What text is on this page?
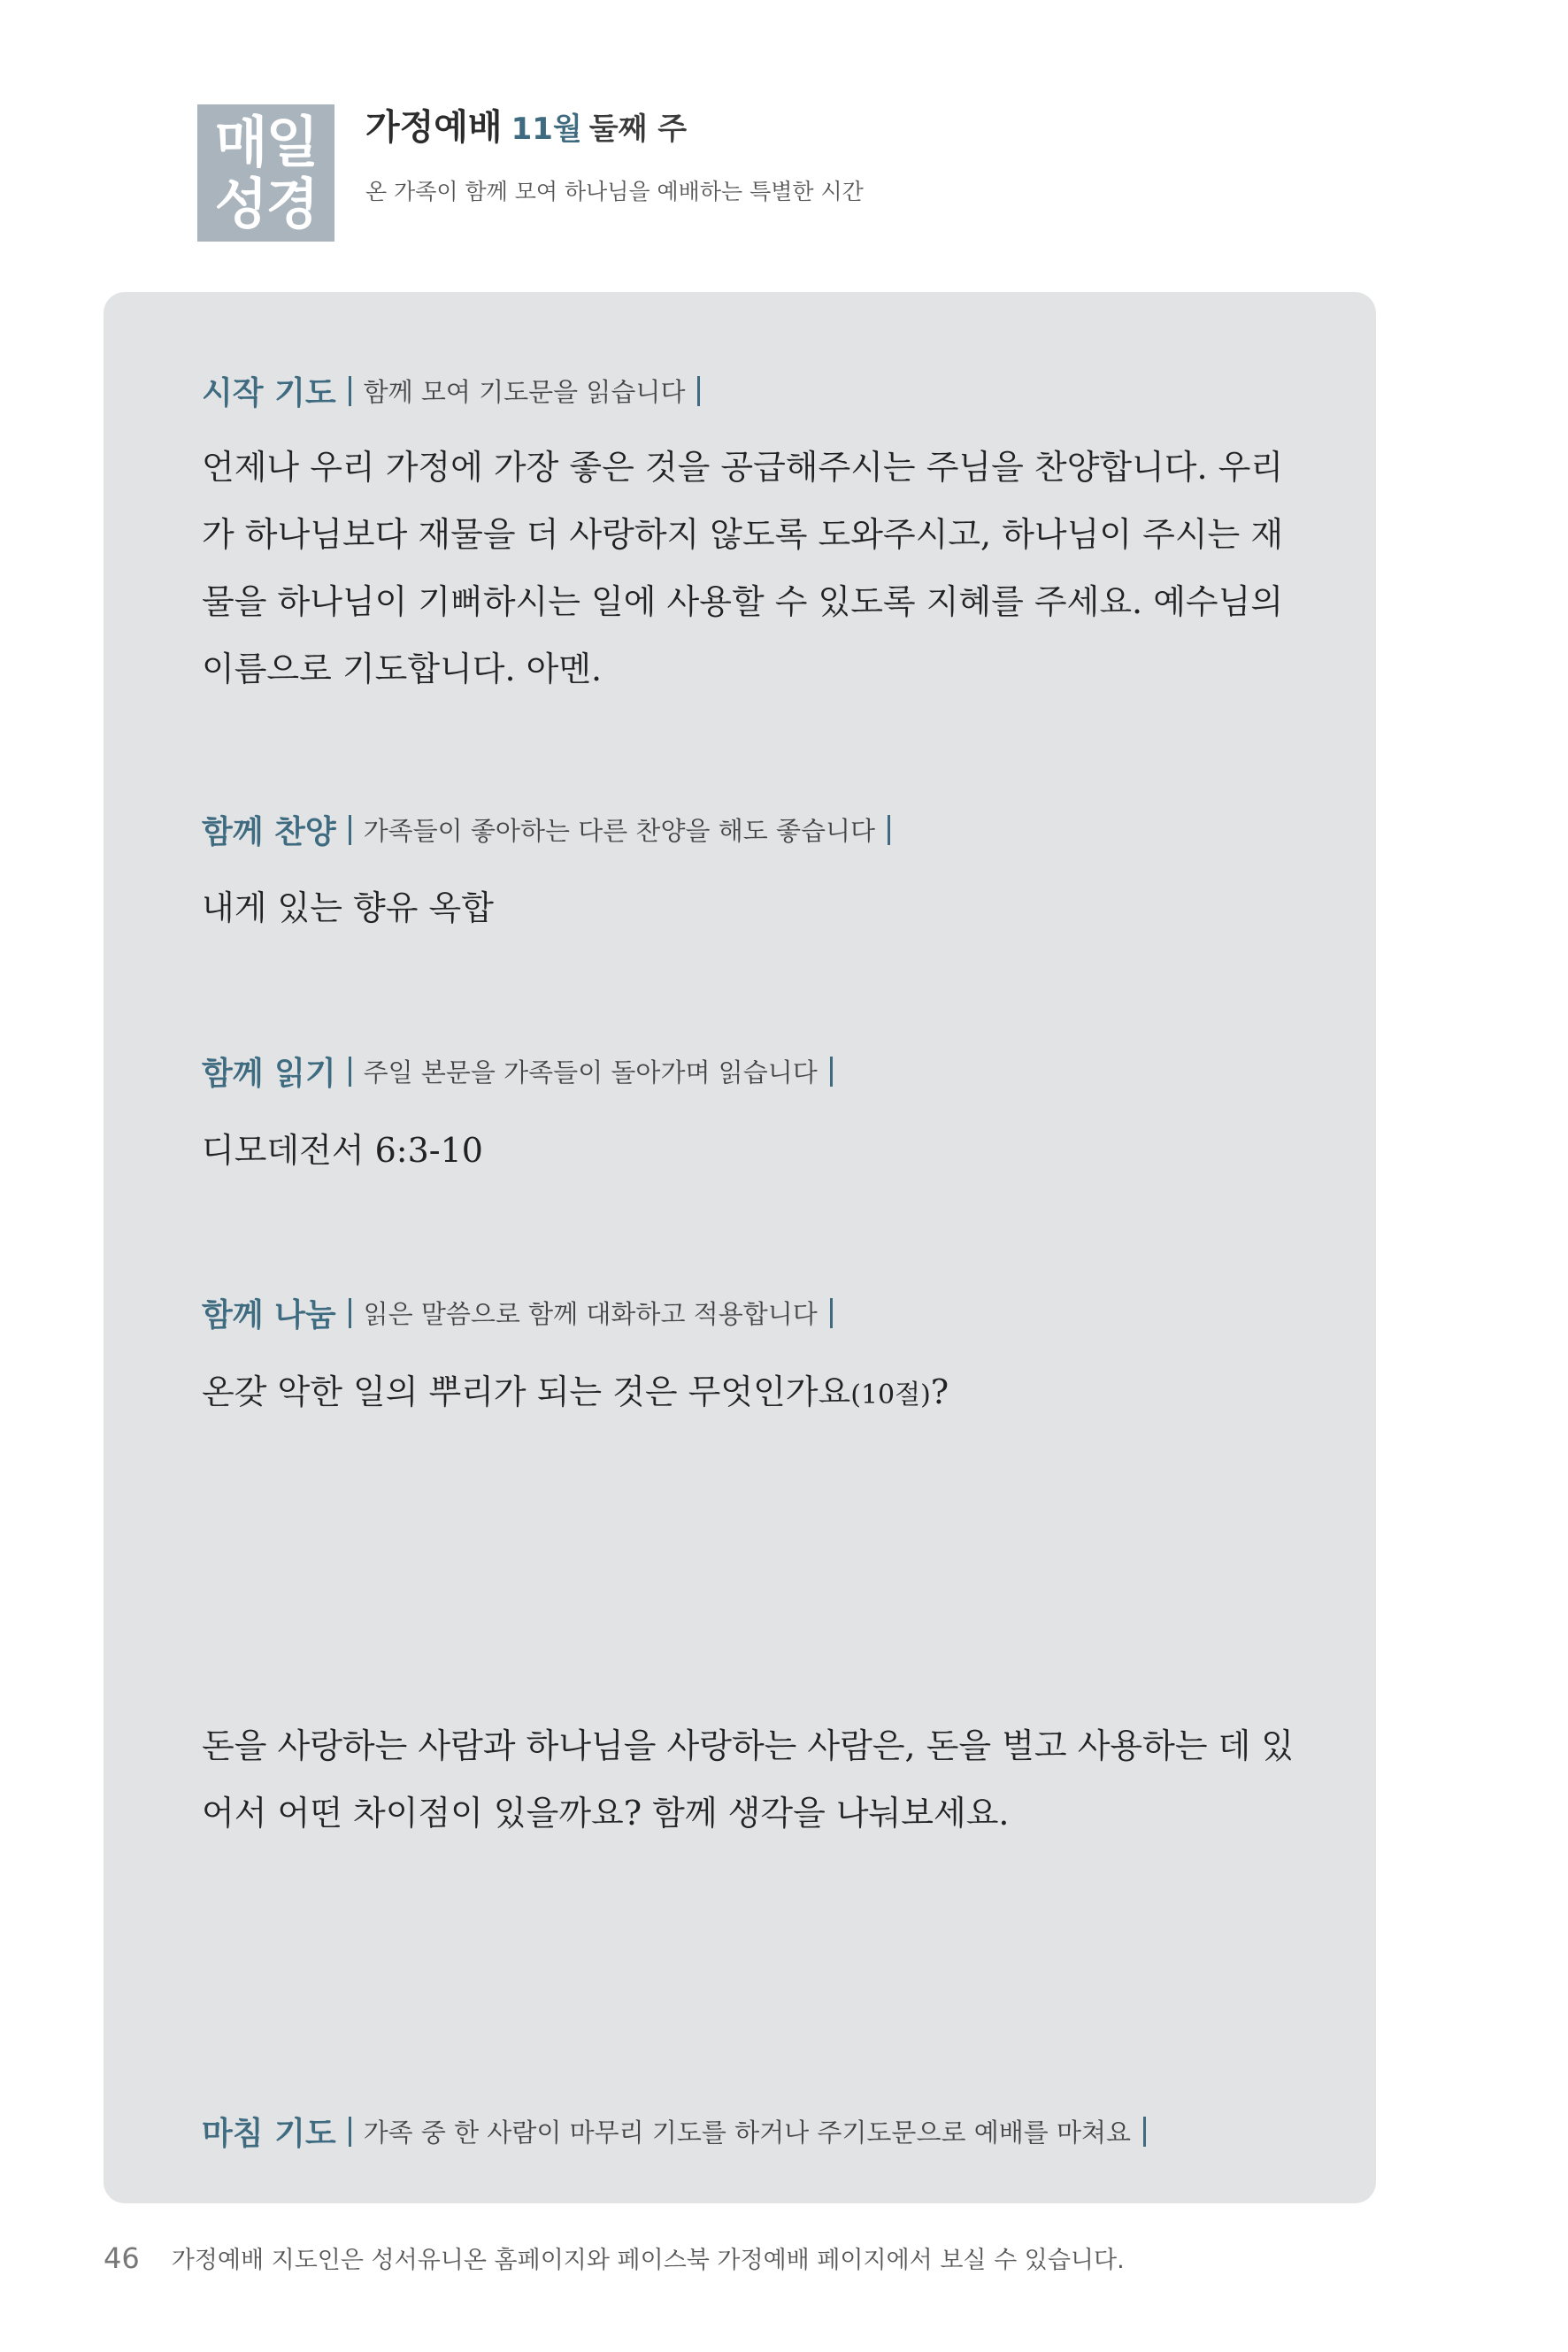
매일
성경
가정예배 11월 둘째 주
온 가족이 함께 모여 하나님을 예배하는 특별한 시간
시작 기도 함께 모여 기도문을 읽습니다

언제나 우리 가정에 가장 좋은 것을 공급해주시는 주님을 찬양합니다. 우리가 하나님보다 재물을 더 사랑하지 않도록 도와주시고, 하나님이 주시는 재물을 하나님이 기뻐하시는 일에 사용할 수 있도록 지혜를 주세요. 예수님의 이름으로 기도합니다. 아멘.

함께 찬양 가족들이 좋아하는 다른 찬양을 해도 좋습니다

내게 있는 향유 옥합

함께 읽기 주일 본문을 가족들이 돌아가며 읽습니다

디모데전서 6:3-10

함께 나눔 읽은 말씀으로 함께 대화하고 적용합니다

온갖 악한 일의 뿌리가 되는 것은 무엇인가요(10절)?

돈을 사랑하는 사람과 하나님을 사랑하는 사람은, 돈을 벌고 사용하는 데 있어서 어떤 차이점이 있을까요? 함께 생각을 나눠보세요.

마침 기도 가족 중 한 사람이 마무리 기도를 하거나 주기도문으로 예배를 마쳐요
46 가정예배 지도인은 성서유니온 홈페이지와 페이스북 가정예배 페이지에서 보실 수 있습니다.
